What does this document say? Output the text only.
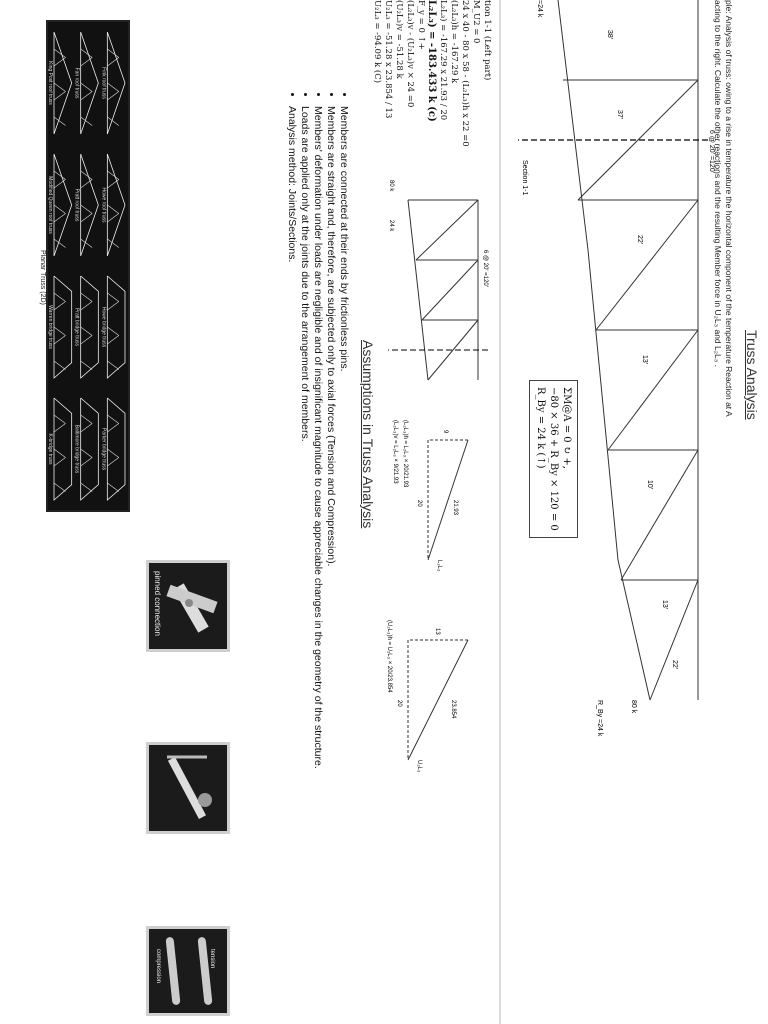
Assumptions in Truss Analysis
• Members are connected at their ends by frictionless pins.
• Members are straight and, therefore, are subjected only to axial forces (Tension and Compression).
• Members' deformation under loads are negligible and of insignificant magnitude to cause appreciable changes in the geometry of the structure.
• Loads are applied only at the joints due to the arrangement of members.
• Analysis method: Joints/Sections.
pinned connection
tension
compression
Fink roof truss
Fan roof truss
King Post roof truss
Howe roof truss
Pratt roof truss
Modified Queen roof truss
Howe bridge truss
Pratt bridge truss
Warren bridge truss
Parker bridge truss
Baltimore bridge truss
K-bridge truss
Planar Truss (2D)
Truss Analysis
ple: Analysis of truss: owing to a rise in temperature the horizontal component of the temperature Reaction at A
acting to the right. Calculate the other reactions and the resulting Member force in U₂L₃ and L₂L₃ .
Section 1-1
6 @ 20' =120'
38'
37'
22'
13'
10'
13'
22'
80 k
R_By =24 k
=24 k
6 @ 20' =120'
80 k
24 k
21.93
20
9
L₂L₃
(L₂L₃)h = L₂L₃ × 20/21.93
(L₂L₃)v = L₂L₃ × 9/21.93
23.854
20
13
U₂L₃
(U₂L₃)h = U₂L₃ × 20/23.854
ΣM@A = 0 ↻ +,
−80 × 36 + R_By × 120 = 0
R_By = 24 k (↑)
tion 1-1 (Left part)
M_U2 = 0
24 x 40 - 80 x 58 - (L₂L₃)h x 22 =0
(L₂L₃)h = -167.29 k
L₂L₃) = -167.29 x 21.93 / 20
L₂L₃) = -183.433 k (c)
F_y = 0 ↑+
(L₂L₃)v - (U₂L₃)v × 24 =0
(U₂L₃)v = -51.28 k
U₂L₃ = -51.28 x 23.854 / 13
U₂L₃ = -94.09 k (C)
